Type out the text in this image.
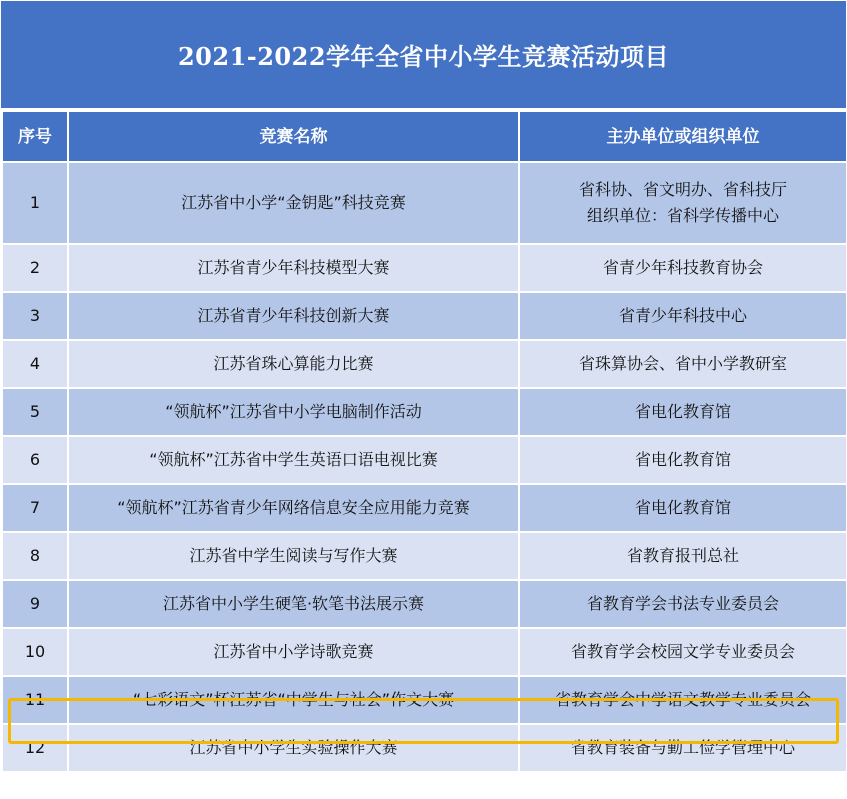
2021-2022学年全省中小学生竞赛活动项目
序号	竞赛名称	主办单位或组织单位
1	江苏省中小学“金钥匙”科技竞赛	省科协、省文明办、省科技厅
组织单位：省科学传播中心

2	江苏省青少年科技模型大赛	省青少年科技教育协会
3	江苏省青少年科技创新大赛	省青少年科技中心
4	江苏省珠心算能力比赛	省珠算协会、省中小学教研室
5	“领航杯”江苏省中小学电脑制作活动	省电化教育馆
6	“领航杯”江苏省中学生英语口语电视比赛	省电化教育馆
7	“领航杯”江苏省青少年网络信息安全应用能力竞赛	省电化教育馆
8	江苏省中学生阅读与写作大赛	省教育报刊总社
9	江苏省中小学生硬笔·软笔书法展示赛	省教育学会书法专业委员会
10	江苏省中小学诗歌竞赛	省教育学会校园文学专业委员会
11	“七彩语文”杯江苏省“中学生与社会”作文大赛	省教育学会中学语文教学专业委员会
12	江苏省中小学生实验操作大赛	省教育装备与勤工俭学管理中心
